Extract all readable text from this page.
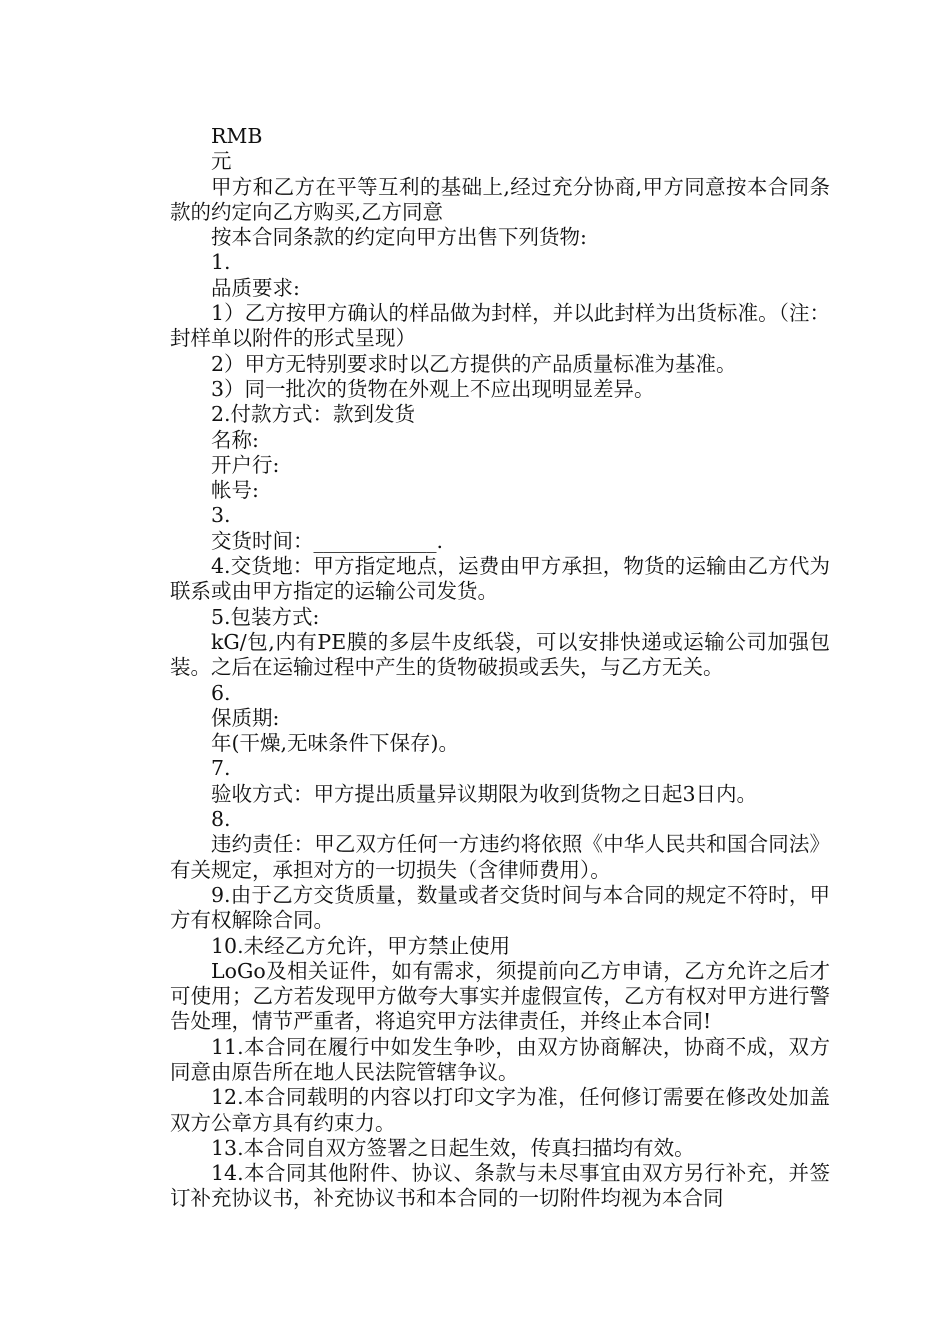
RMB

元

甲方和乙方在平等互利的基础上,经过充分协商,甲方同意按本合同条款的约定向乙方购买,乙方同意

按本合同条款的约定向甲方出售下列货物:

1.

品质要求:

1）乙方按甲方确认的样品做为封样，并以此封样为出货标准。（注：封样单以附件的形式呈现）

2）甲方无特别要求时以乙方提供的产品质量标准为基准。

3）同一批次的货物在外观上不应出现明显差异。

2.付款方式：款到发货

名称:

开户行:

帐号:

3.

交货时间：____________.

4.交货地：甲方指定地点，运费由甲方承担，物货的运输由乙方代为联系或由甲方指定的运输公司发货。

5.包装方式:

kG/包,内有PE膜的多层牛皮纸袋，可以安排快递或运输公司加强包装。之后在运输过程中产生的货物破损或丢失，与乙方无关。

6.

保质期:

年(干燥,无味条件下保存)。

7.

验收方式：甲方提出质量异议期限为收到货物之日起3日内。

8.

违约责任：甲乙双方任何一方违约将依照《中华人民共和国合同法》有关规定，承担对方的一切损失（含律师费用）。

9.由于乙方交货质量，数量或者交货时间与本合同的规定不符时，甲方有权解除合同。

10.未经乙方允许，甲方禁止使用

LoGo及相关证件，如有需求，须提前向乙方申请，乙方允许之后才可使用；乙方若发现甲方做夸大事实并虚假宣传，乙方有权对甲方进行警告处理，情节严重者，将追究甲方法律责任，并终止本合同!

11.本合同在履行中如发生争吵，由双方协商解决，协商不成，双方同意由原告所在地人民法院管辖争议。

12.本合同载明的内容以打印文字为准，任何修订需要在修改处加盖双方公章方具有约束力。

13.本合同自双方签署之日起生效，传真扫描均有效。

14.本合同其他附件、协议、条款与未尽事宜由双方另行补充，并签订补充协议书，补充协议书和本合同的一切附件均视为本合同
